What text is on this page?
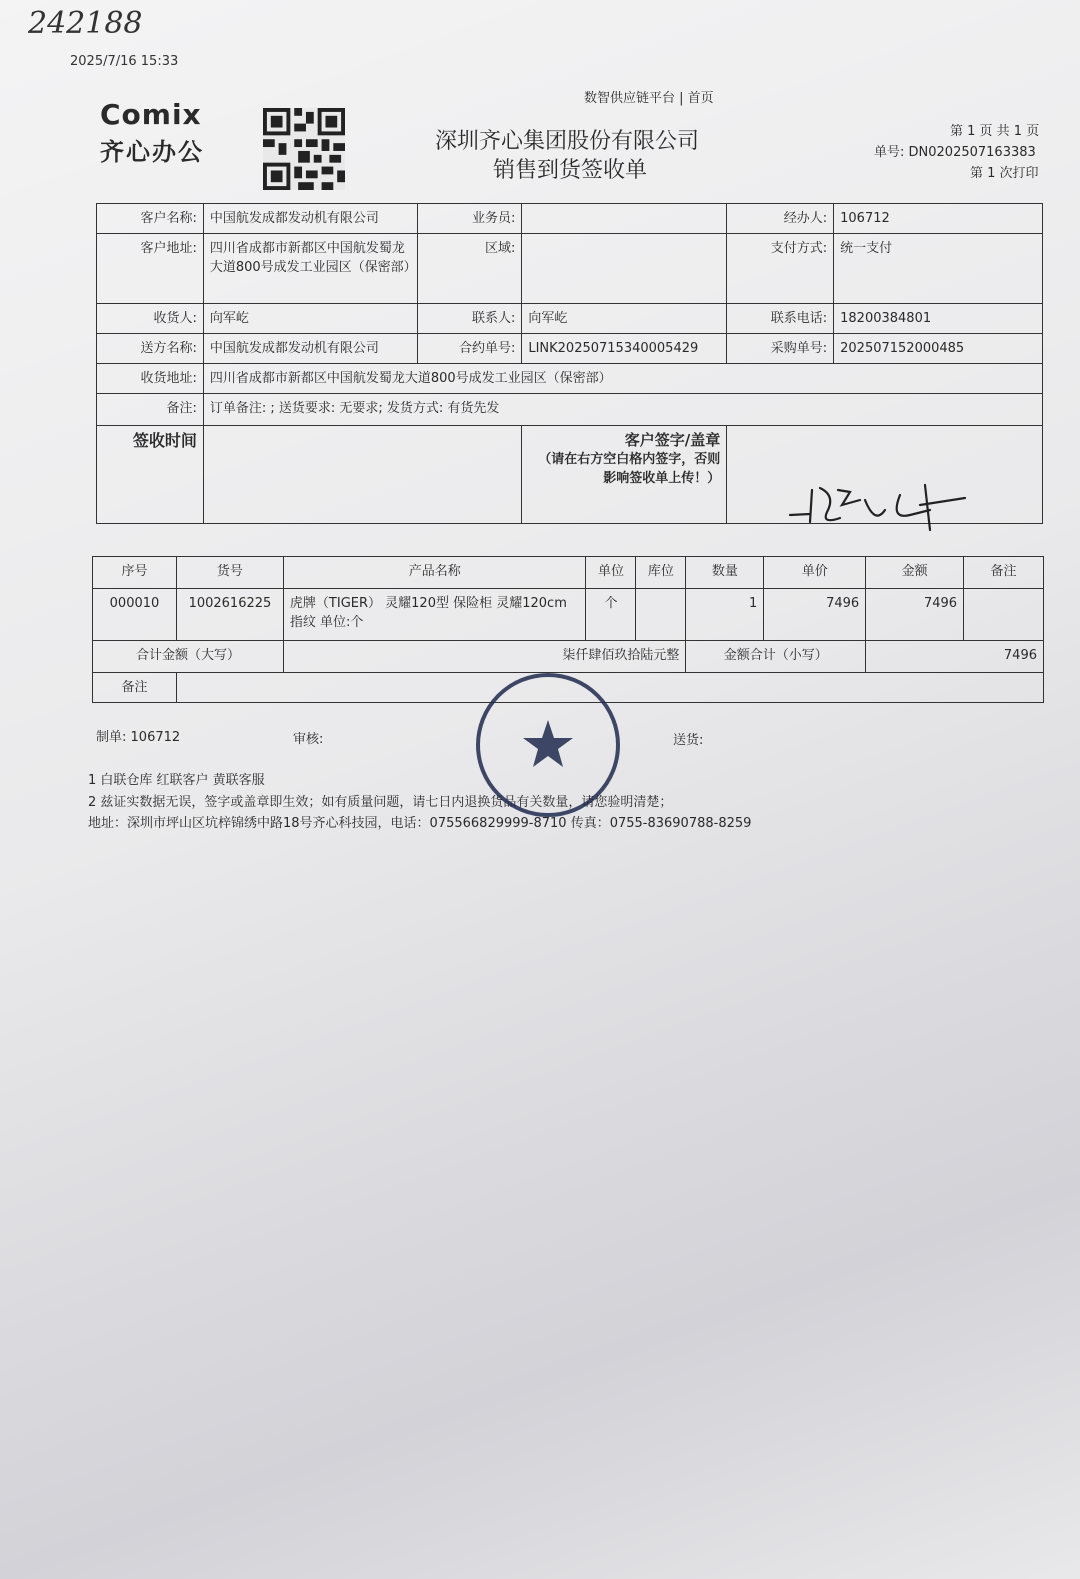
242188
2025/7/16 15:33
数智供应链平台 | 首页
Comix
齐心办公	深圳齐心集团股份有限公司
销售到货签收单
第 1 页 共 1 页
单号: DN0202507163383
第 1 次打印
客户名称:	中国航发成都发动机有限公司	业务员:		经办人:	106712
客户地址:	四川省成都市新都区中国航发蜀龙大道800号成发工业园区（保密部）	区域:		支付方式:	统一支付
收货人:	向军屹	联系人:	向军屹	联系电话:	18200384801
送方名称:	中国航发成都发动机有限公司	合约单号:	LINK20250715340005429	采购单号:	202507152000485
收货地址:	四川省成都市新都区中国航发蜀龙大道800号成发工业园区（保密部）				
备注:	订单备注: ; 送货要求: 无要求; 发货方式: 有货先发				
签收时间			客户签字/盖章
（请在右方空白格内签字，否则影响签收单上传！）		

序号	货号	产品名称	单位	库位	数量	单价	金额	备注
000010	1002616225	虎牌（TIGER） 灵耀120型 保险柜 灵耀120cm指纹 单位:个	个		1	7496	7496	
合计金额（大写）		柒仟肆佰玖拾陆元整			金额合计（小写）		7496	
备注								
制单: 106712	审核:	送货:
1 白联仓库 红联客户 黄联客服
2 兹证实数据无误，签字或盖章即生效；如有质量问题，请七日内退换货品有关数量，请您验明清楚；
地址：深圳市坪山区坑梓锦绣中路18号齐心科技园，电话：075566829999-8710 传真：0755-83690788-8259
